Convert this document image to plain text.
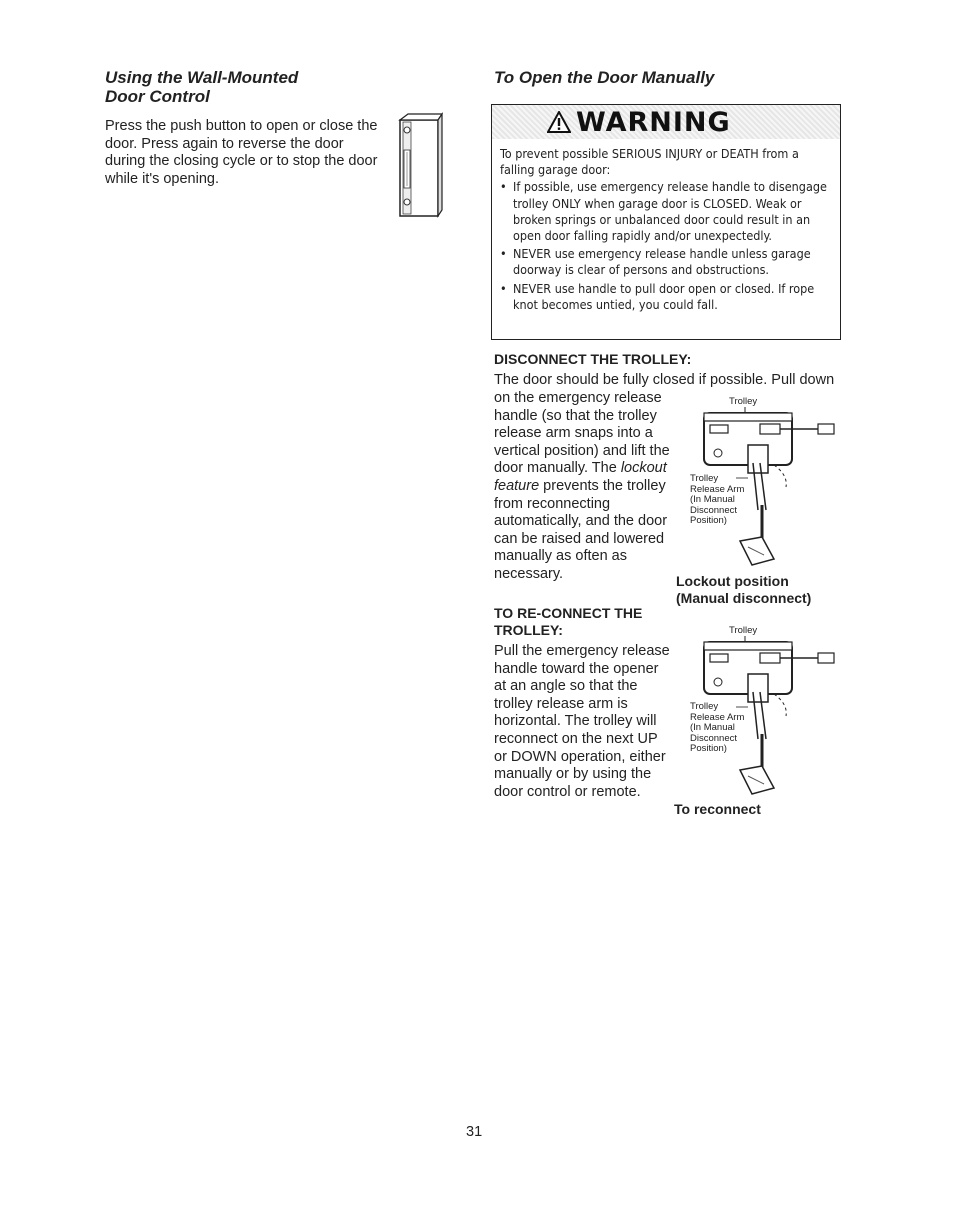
Using the Wall-Mounted
Door Control
Press the push button to open or close the
door. Press again to reverse the door
during the closing cycle or to stop the door
while it's opening.
To Open the Door Manually
WARNING

To prevent possible SERIOUS INJURY or DEATH from a falling garage door:

• If possible, use emergency release handle to disengage trolley ONLY when garage door is CLOSED. Weak or broken springs or unbalanced door could result in an open door falling rapidly and/or unexpectedly.
• NEVER use emergency release handle unless garage doorway is clear of persons and obstructions.
• NEVER use handle to pull door open or closed. If rope knot becomes untied, you could fall.
DISCONNECT THE TROLLEY:
The door should be fully closed if possible. Pull down
on the emergency release
handle (so that the trolley
release arm snaps into a
vertical position) and lift the
door manually. The lockout
feature prevents the trolley
from reconnecting
automatically, and the door
can be raised and lowered
manually as often as
necessary.
Trolley
Trolley
Release Arm
(In Manual
Disconnect
Position)
Lockout position
(Manual disconnect)
TO RE-CONNECT THE
TROLLEY:
Pull the emergency release
handle toward the opener
at an angle so that the
trolley release arm is
horizontal. The trolley will
reconnect on the next UP
or DOWN operation, either
manually or by using the
door control or remote.
Trolley
Trolley
Release Arm
(In Manual
Disconnect
Position)
To reconnect
31
